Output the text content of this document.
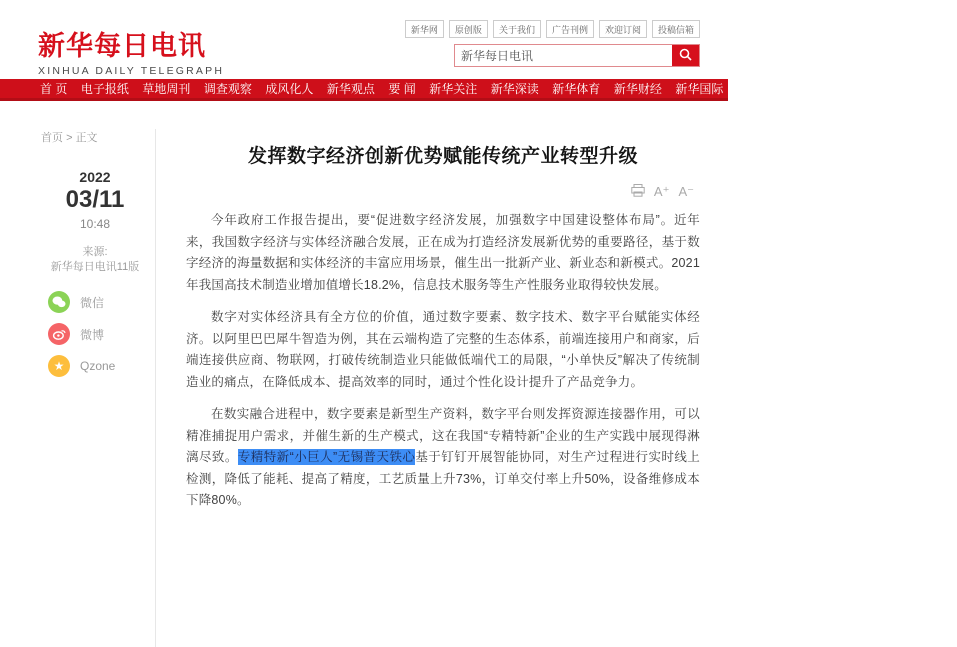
新华每日电讯
XINHUA DAILY TELEGRAPH
新华网	原创版	关于我们	广告刊例	欢迎订阅	投稿信箱
新华每日电讯
首 页 电子报纸 草地周刊 调查观察 成风化人 新华观点 要 闻 新华关注 新华深读 新华体育 新华财经 新华国际 新华融媒 精彩专题 医卫健康 看天下
首页 > 正文
2022
03/11
10:48
来源:
新华每日电讯11版
微信
微博
★	Qzone
发挥数字经济创新优势赋能传统产业转型升级
A⁺ A⁻

今年政府工作报告提出，要“促进数字经济发展，加强数字中国建设整体布局”。近年来，我国数字经济与实体经济融合发展，正在成为打造经济发展新优势的重要路径，基于数字经济的海量数据和实体经济的丰富应用场景，催生出一批新产业、新业态和新模式。2021年我国高技术制造业增加值增长18.2%，信息技术服务等生产性服务业取得较快发展。

数字对实体经济具有全方位的价值，通过数字要素、数字技术、数字平台赋能实体经济。以阿里巴巴犀牛智造为例，其在云端构造了完整的生态体系，前端连接用户和商家，后端连接供应商、物联网，打破传统制造业只能做低端代工的局限，“小单快反”解决了传统制造业的痛点，在降低成本、提高效率的同时，通过个性化设计提升了产品竞争力。

在数实融合进程中，数字要素是新型生产资料，数字平台则发挥资源连接器作用，可以精准捕捉用户需求，并催生新的生产模式，这在我国“专精特新”企业的生产实践中展现得淋漓尽致。专精特新“小巨人”无锡普天铁心基于钉钉开展智能协同，对生产过程进行实时线上检测，降低了能耗、提高了精度，工艺质量上升73%，订单交付率上升50%，设备维修成本下降80%。
